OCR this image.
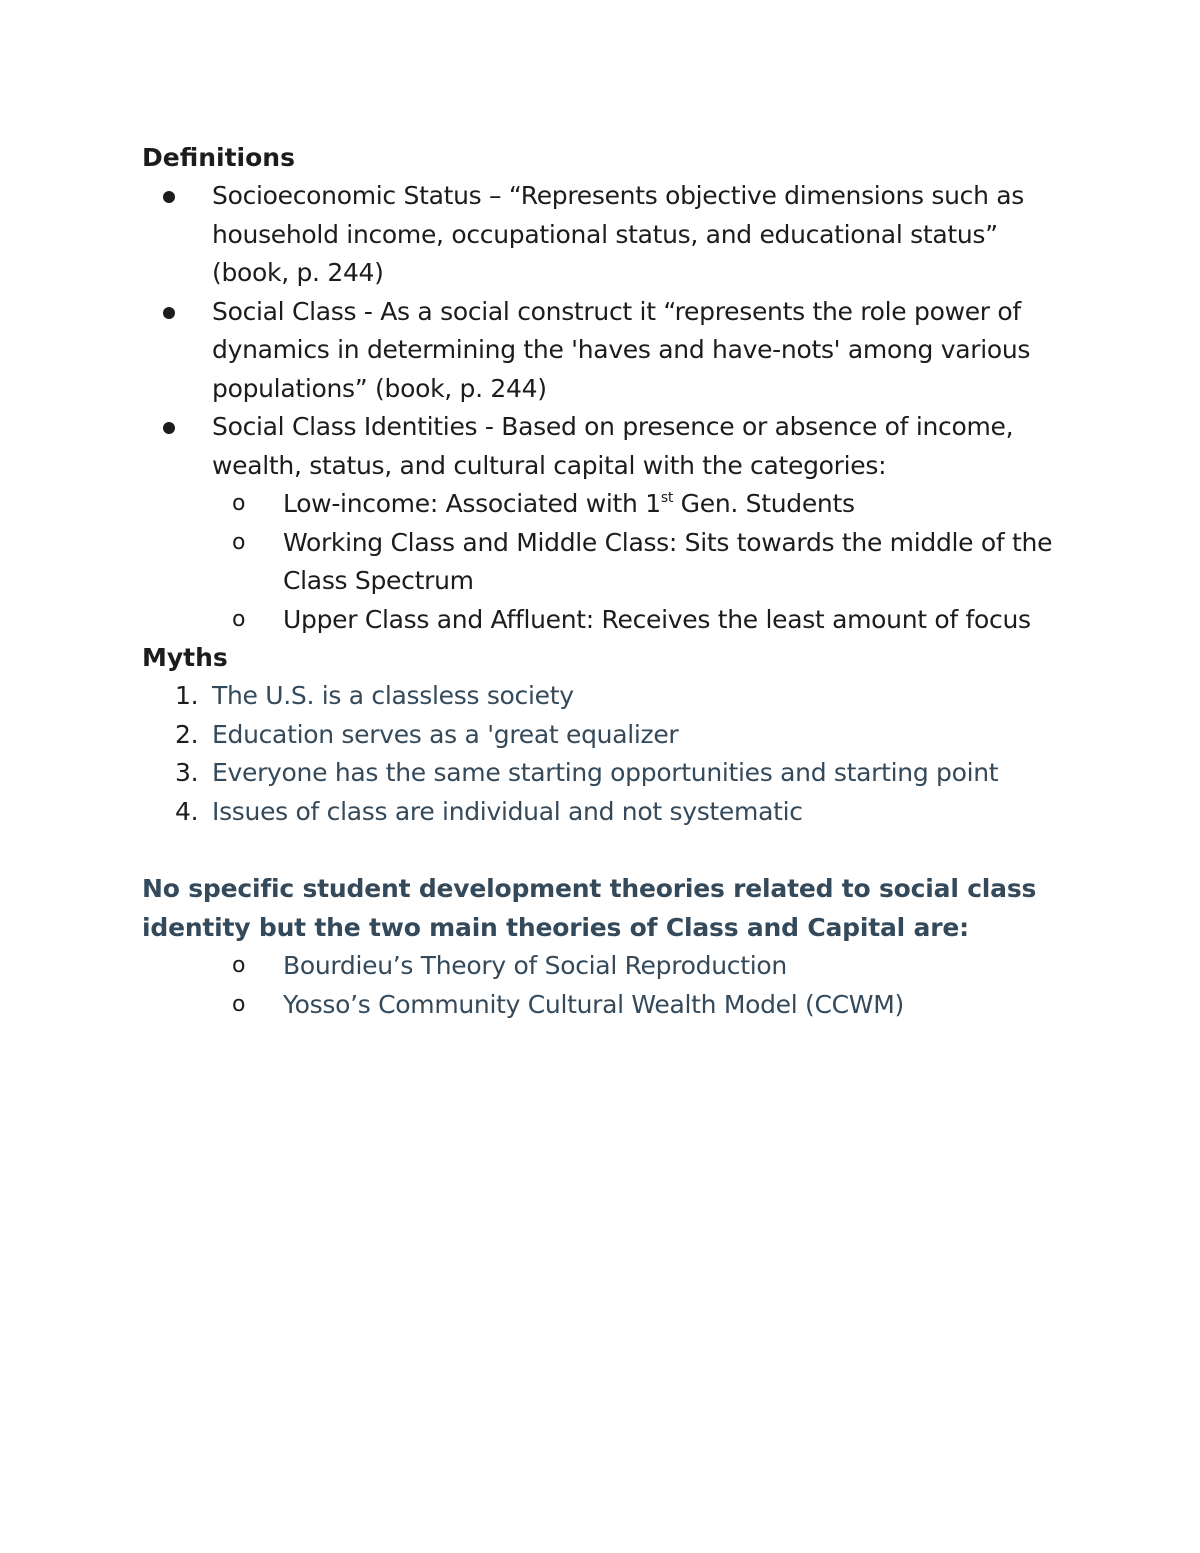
Definitions
Socioeconomic Status – “Represents objective dimensions such as household income, occupational status, and educational status” (book, p. 244)
Social Class - As a social construct it “represents the role power of dynamics in determining the 'haves and have-nots' among various populations” (book, p. 244)
Social Class Identities - Based on presence or absence of income, wealth, status, and cultural capital with the categories:
o Low-income: Associated with 1st Gen. Students
o Working Class and Middle Class: Sits towards the middle of the Class Spectrum
o Upper Class and Affluent: Receives the least amount of focus
Myths
1. The U.S. is a classless society
2. Education serves as a 'great equalizer
3. Everyone has the same starting opportunities and starting point
4. Issues of class are individual and not systematic

No specific student development theories related to social class identity but the two main theories of Class and Capital are:

o Bourdieu’s Theory of Social Reproduction
o Yosso’s Community Cultural Wealth Model (CCWM)
